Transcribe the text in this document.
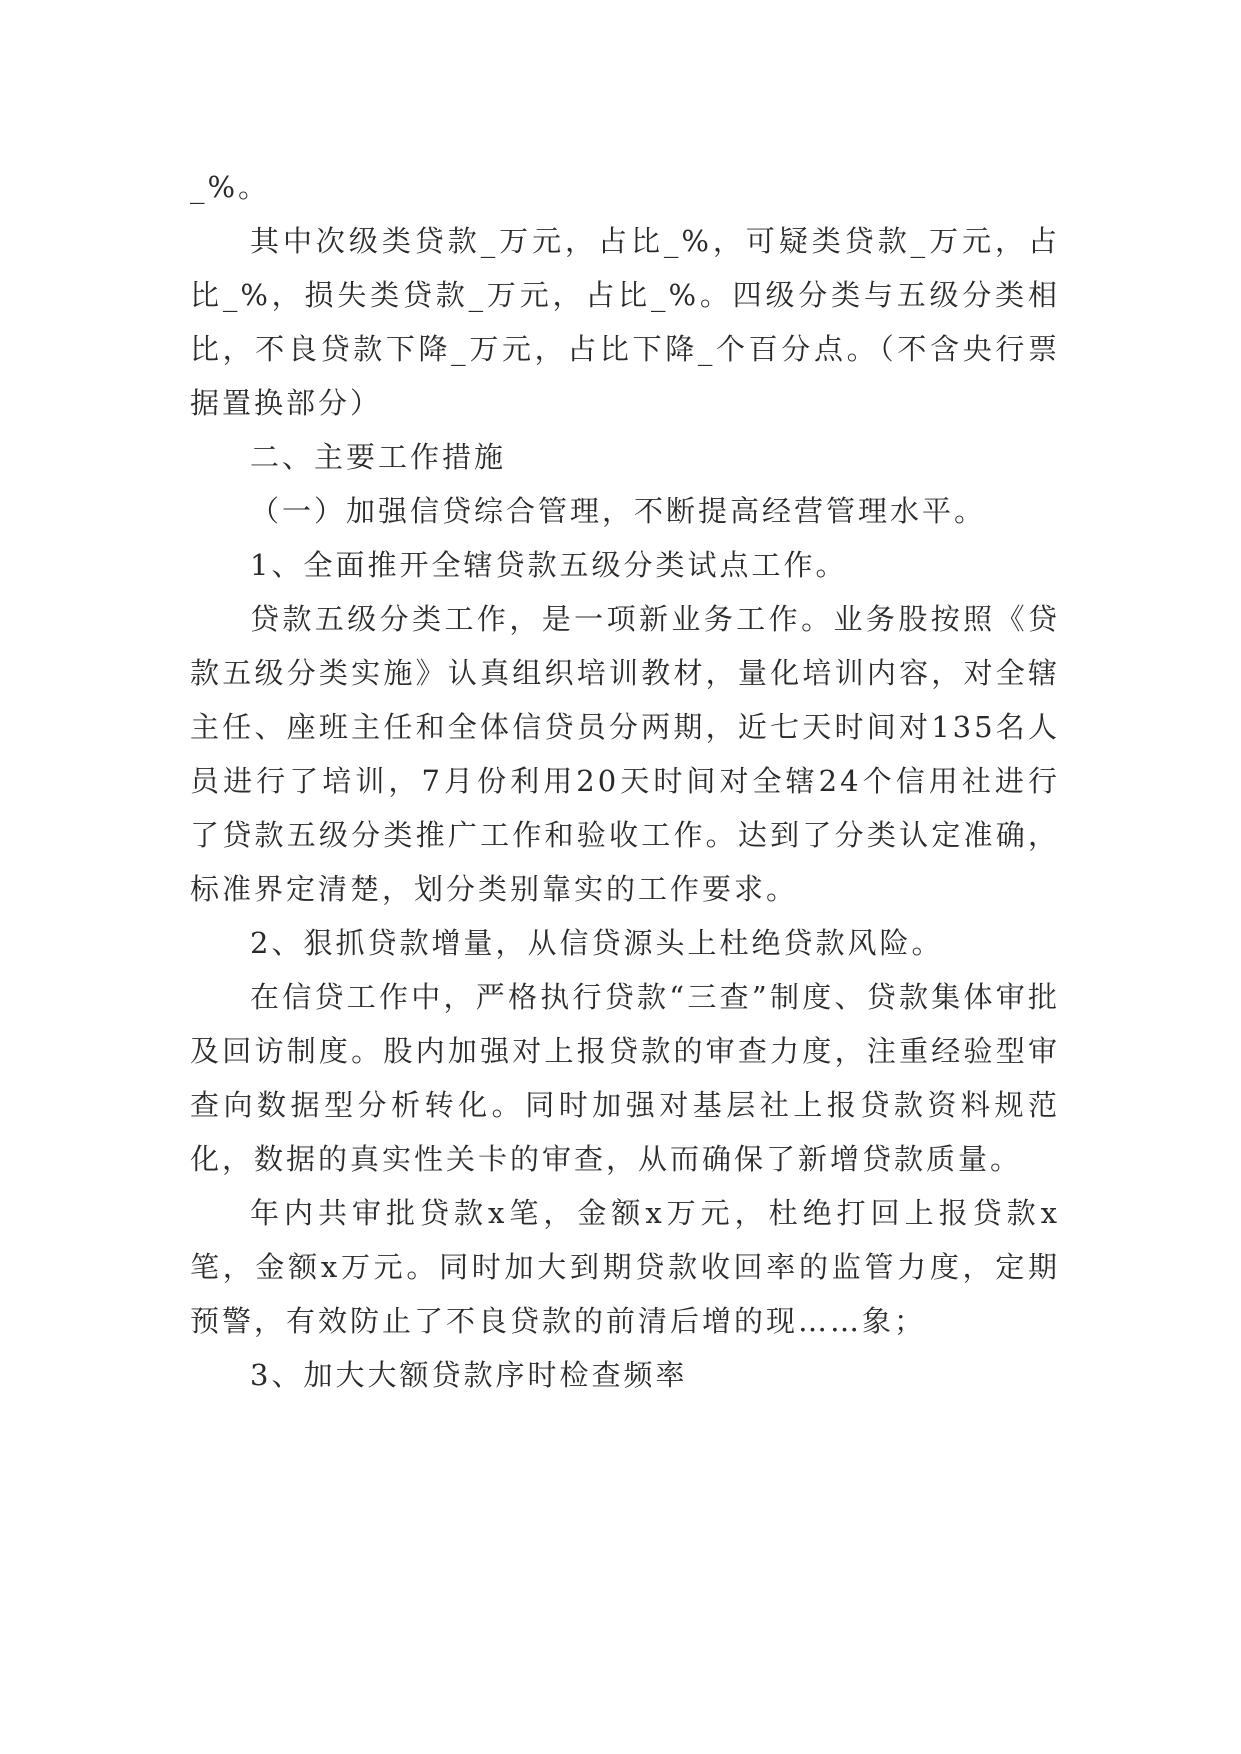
_%。

其中次级类贷款_万元，占比_%，可疑类贷款_万元，占比_%，损失类贷款_万元，占比_%。四级分类与五级分类相比，不良贷款下降_万元，占比下降_个百分点。（不含央行票据置换部分）

二、主要工作措施

（一）加强信贷综合管理，不断提高经营管理水平。

1、全面推开全辖贷款五级分类试点工作。

贷款五级分类工作，是一项新业务工作。业务股按照《贷款五级分类实施》认真组织培训教材，量化培训内容，对全辖主任、座班主任和全体信贷员分两期，近七天时间对135名人员进行了培训，7月份利用20天时间对全辖24个信用社进行了贷款五级分类推广工作和验收工作。达到了分类认定准确，标准界定清楚，划分类别靠实的工作要求。

2、狠抓贷款增量，从信贷源头上杜绝贷款风险。

在信贷工作中，严格执行贷款“三查”制度、贷款集体审批及回访制度。股内加强对上报贷款的审查力度，注重经验型审查向数据型分析转化。同时加强对基层社上报贷款资料规范化，数据的真实性关卡的审查，从而确保了新增贷款质量。

年内共审批贷款x笔，金额x万元，杜绝打回上报贷款x笔，金额x万元。同时加大到期贷款收回率的监管力度，定期预警，有效防止了不良贷款的前清后增的现……象；

3、加大大额贷款序时检查频率
